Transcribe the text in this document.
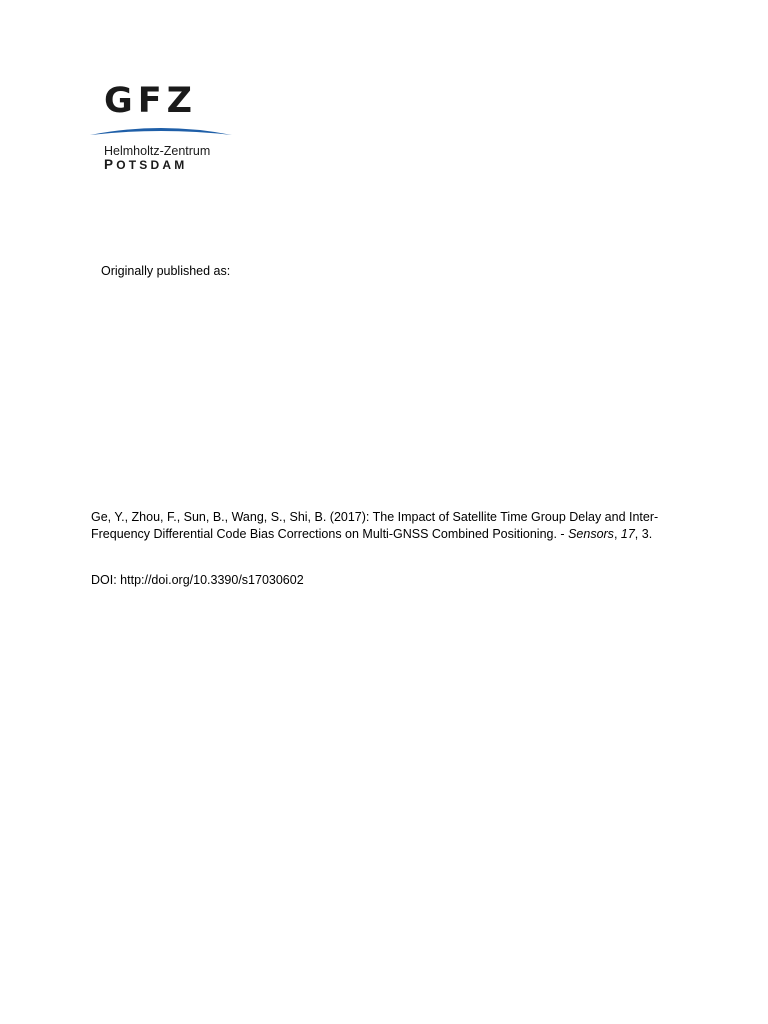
GFZ
Helmholtz-Zentrum
POTSDAM
Originally published as:
Ge, Y., Zhou, F., Sun, B., Wang, S., Shi, B. (2017): The Impact of Satellite Time Group Delay and Inter-
Frequency Differential Code Bias Corrections on Multi-GNSS Combined Positioning. - Sensors, 17, 3.
DOI: http://doi.org/10.3390/s17030602
